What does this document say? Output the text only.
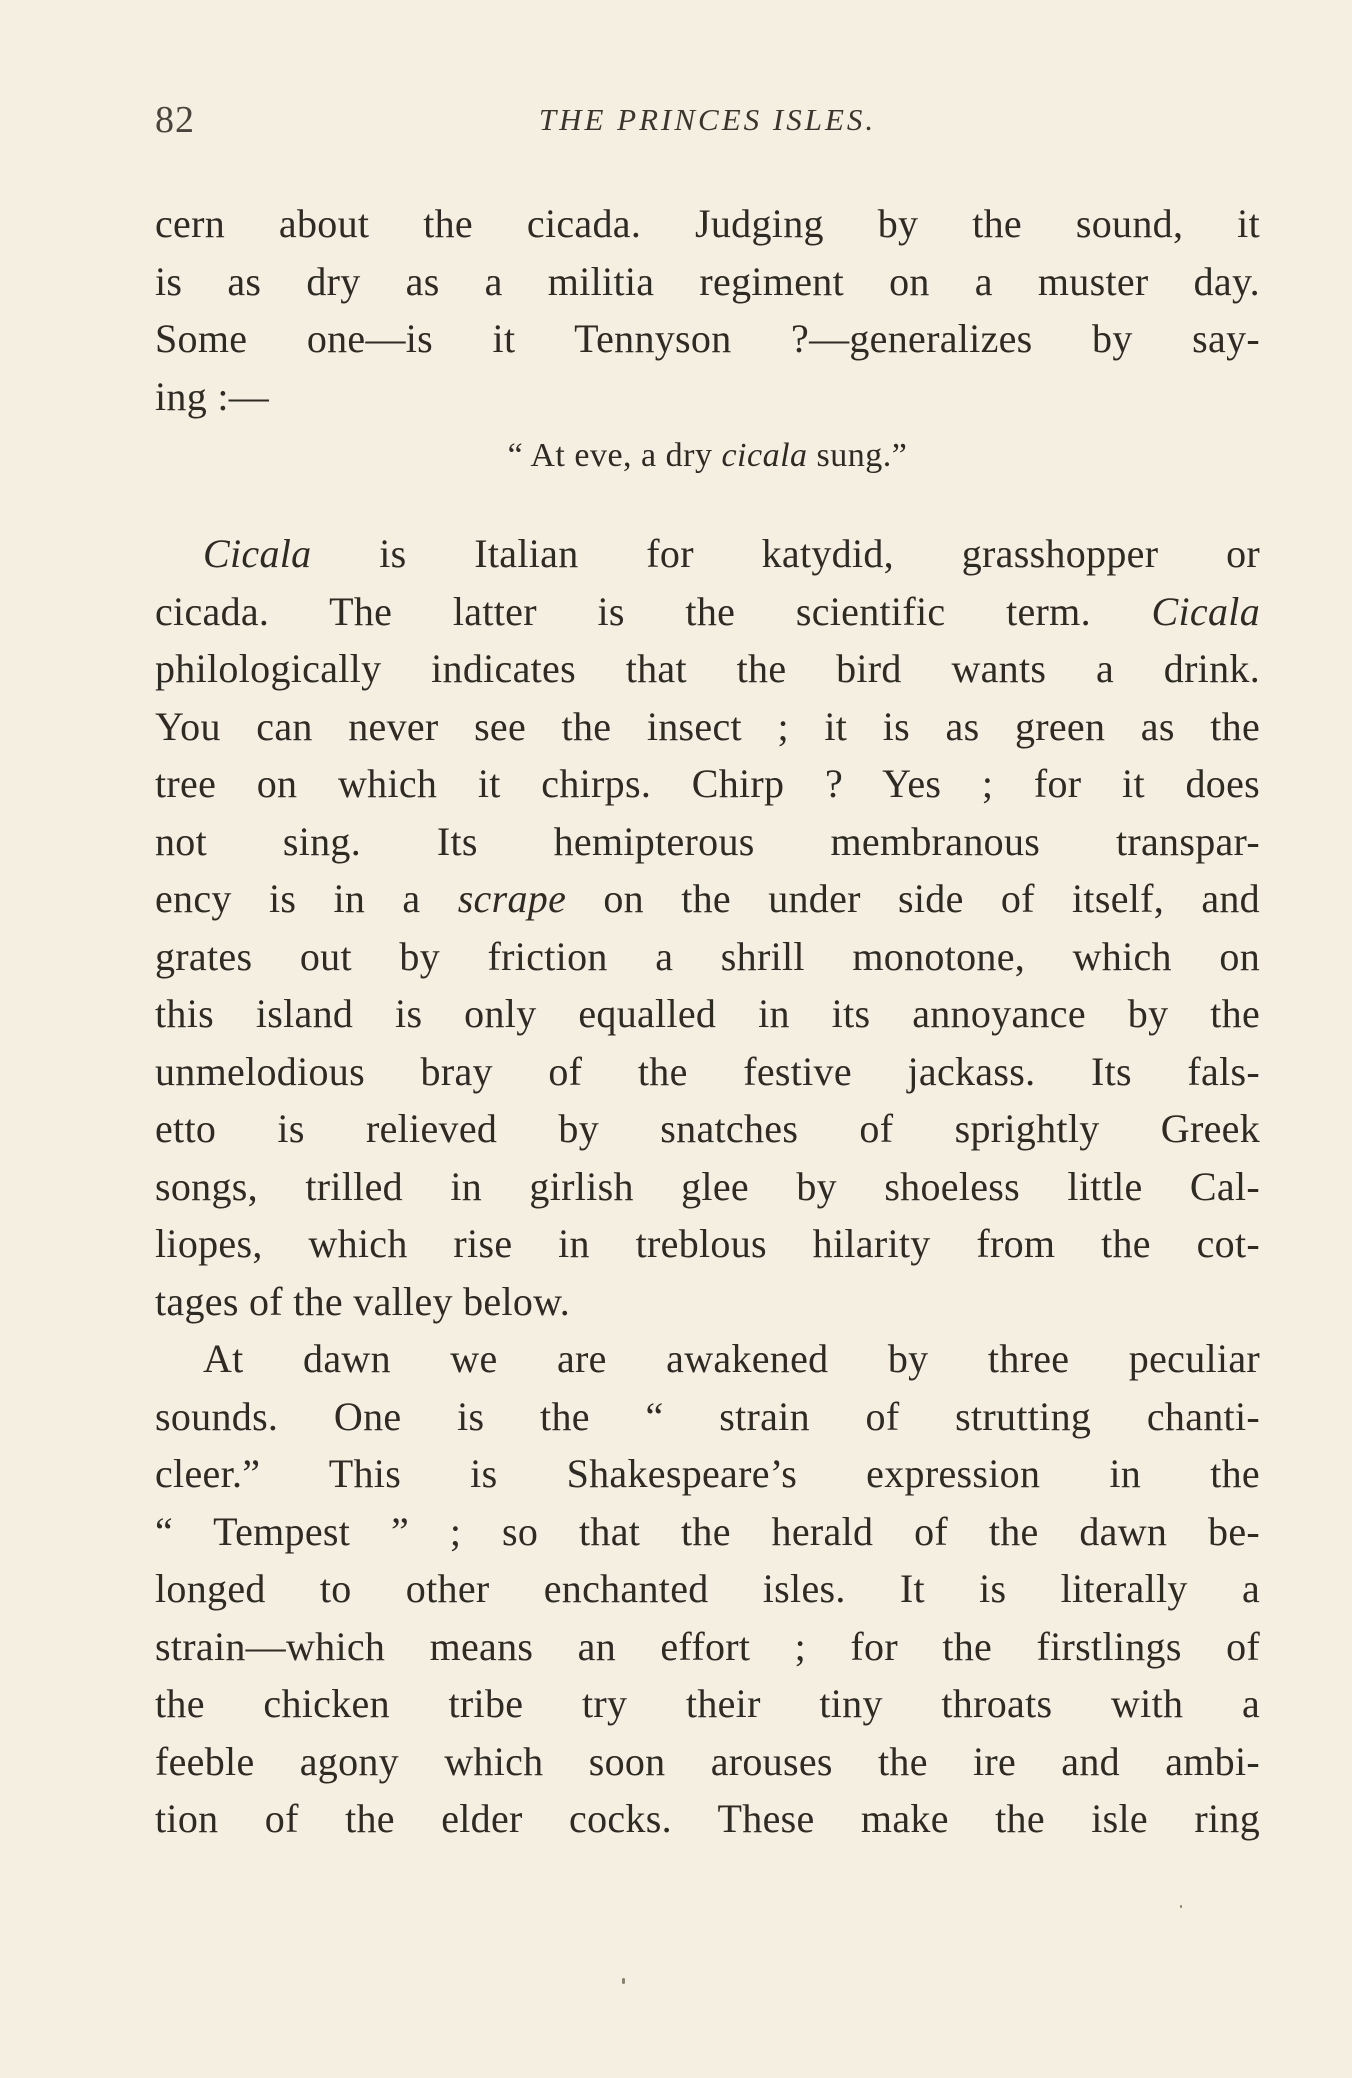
82	THE PRINCES ISLES.
cern about the cicada. Judging by the sound, it
is as dry as a militia regiment on a muster day.
Some one—is it Tennyson ?—generalizes by say-
ing :—
“ At eve, a dry cicala sung.”
Cicala is Italian for katydid, grasshopper or
cicada. The latter is the scientific term. Cicala
philologically indicates that the bird wants a drink.
You can never see the insect ; it is as green as the
tree on which it chirps. Chirp ? Yes ; for it does
not sing. Its hemipterous membranous transpar-
ency is in a scrape on the under side of itself, and
grates out by friction a shrill monotone, which on
this island is only equalled in its annoyance by the
unmelodious bray of the festive jackass. Its fals-
etto is relieved by snatches of sprightly Greek
songs, trilled in girlish glee by shoeless little Cal-
liopes, which rise in treblous hilarity from the cot-
tages of the valley below.
At dawn we are awakened by three peculiar
sounds. One is the “ strain of strutting chanti-
cleer.” This is Shakespeare’s expression in the
“ Tempest ” ; so that the herald of the dawn be-
longed to other enchanted isles. It is literally a
strain—which means an effort ; for the firstlings of
the chicken tribe try their tiny throats with a
feeble agony which soon arouses the ire and ambi-
tion of the elder cocks. These make the isle ring
